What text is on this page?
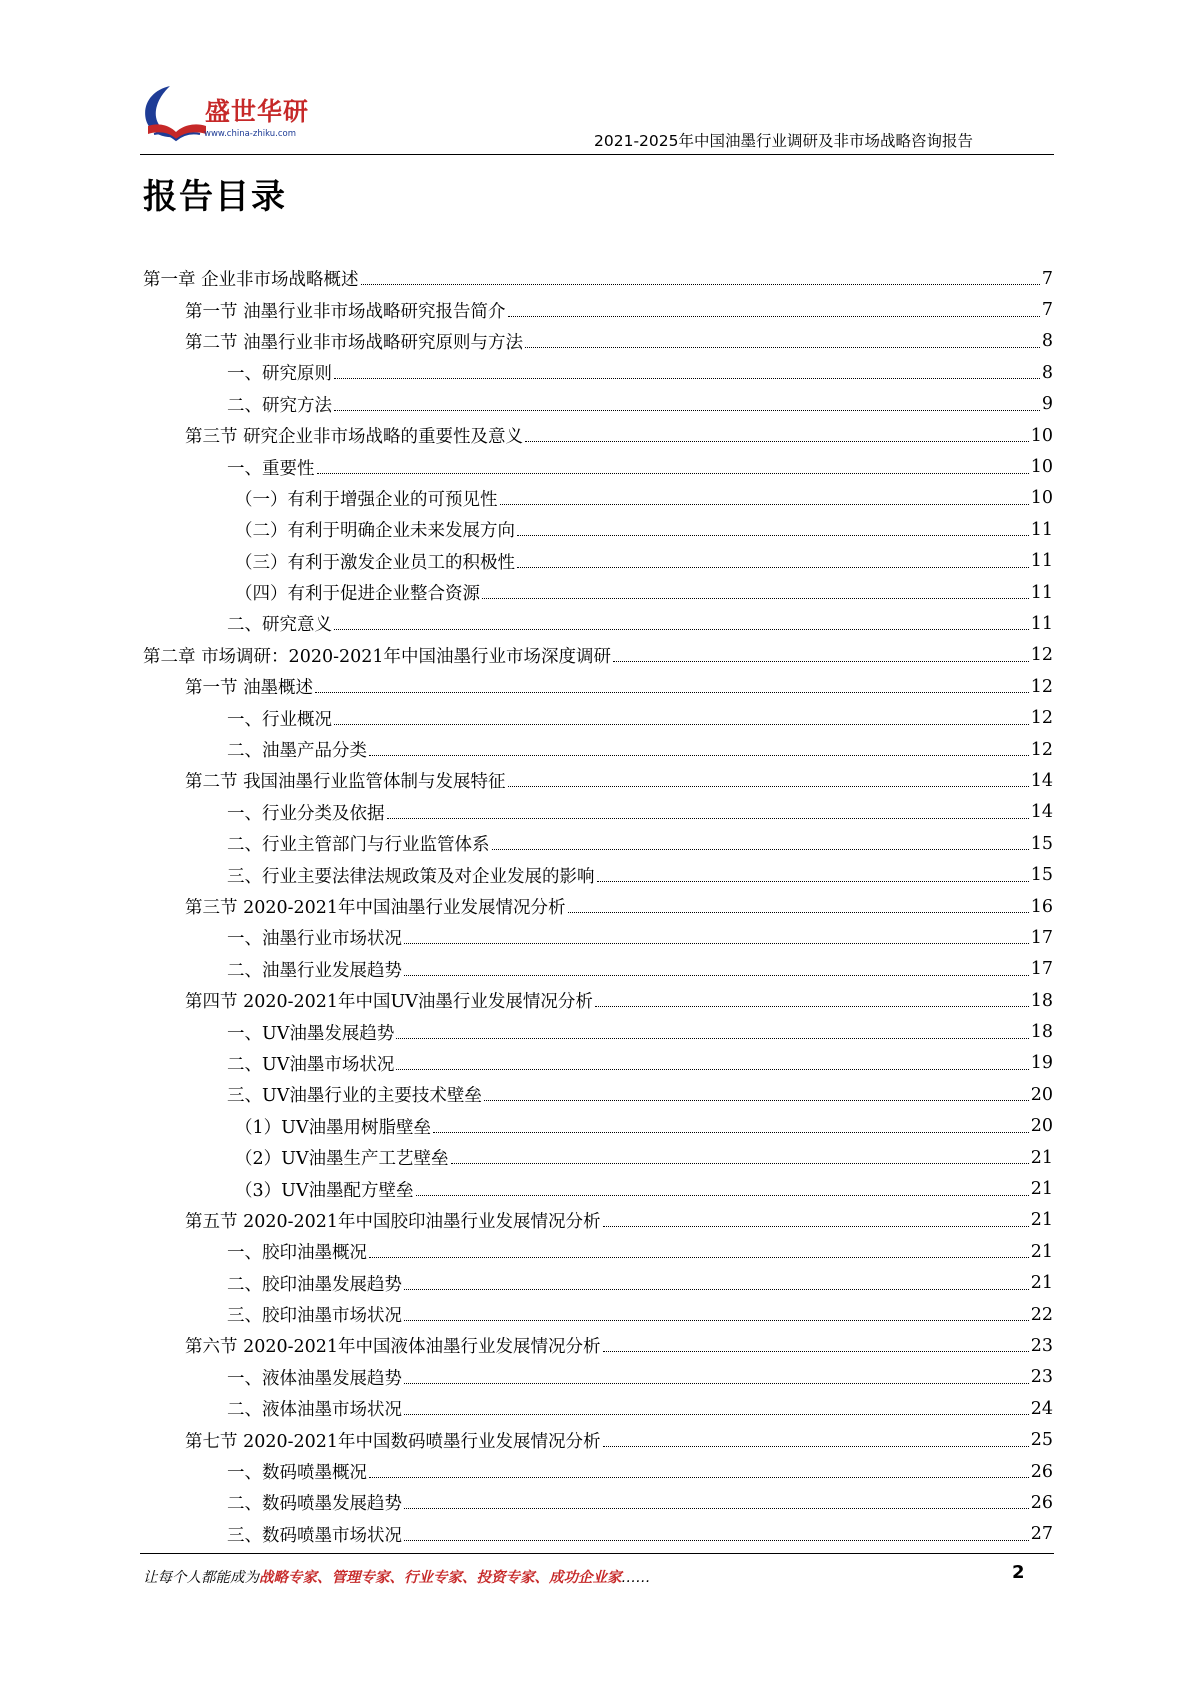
盛世华研
www.china-zhiku.com	2021-2025年中国油墨行业调研及非市场战略咨询报告
报告目录
第一章 企业非市场战略概述	7
第一节 油墨行业非市场战略研究报告简介	7
第二节 油墨行业非市场战略研究原则与方法	8
一、研究原则	8
二、研究方法	9
第三节 研究企业非市场战略的重要性及意义	10
一、重要性	10
（一）有利于增强企业的可预见性	10
（二）有利于明确企业未来发展方向	11
（三）有利于激发企业员工的积极性	11
（四）有利于促进企业整合资源	11
二、研究意义	11
第二章 市场调研：2020-2021年中国油墨行业市场深度调研	12
第一节 油墨概述	12
一、行业概况	12
二、油墨产品分类	12
第二节 我国油墨行业监管体制与发展特征	14
一、行业分类及依据	14
二、行业主管部门与行业监管体系	15
三、行业主要法律法规政策及对企业发展的影响	15
第三节 2020-2021年中国油墨行业发展情况分析	16
一、油墨行业市场状况	17
二、油墨行业发展趋势	17
第四节 2020-2021年中国UV油墨行业发展情况分析	18
一、UV油墨发展趋势	18
二、UV油墨市场状况	19
三、UV油墨行业的主要技术壁垒	20
（1）UV油墨用树脂壁垒	20
（2）UV油墨生产工艺壁垒	21
（3）UV油墨配方壁垒	21
第五节 2020-2021年中国胶印油墨行业发展情况分析	21
一、胶印油墨概况	21
二、胶印油墨发展趋势	21
三、胶印油墨市场状况	22
第六节 2020-2021年中国液体油墨行业发展情况分析	23
一、液体油墨发展趋势	23
二、液体油墨市场状况	24
第七节 2020-2021年中国数码喷墨行业发展情况分析	25
一、数码喷墨概况	26
二、数码喷墨发展趋势	26
三、数码喷墨市场状况	27
让每个人都能成为战略专家、管理专家、行业专家、投资专家、成功企业家……	2
